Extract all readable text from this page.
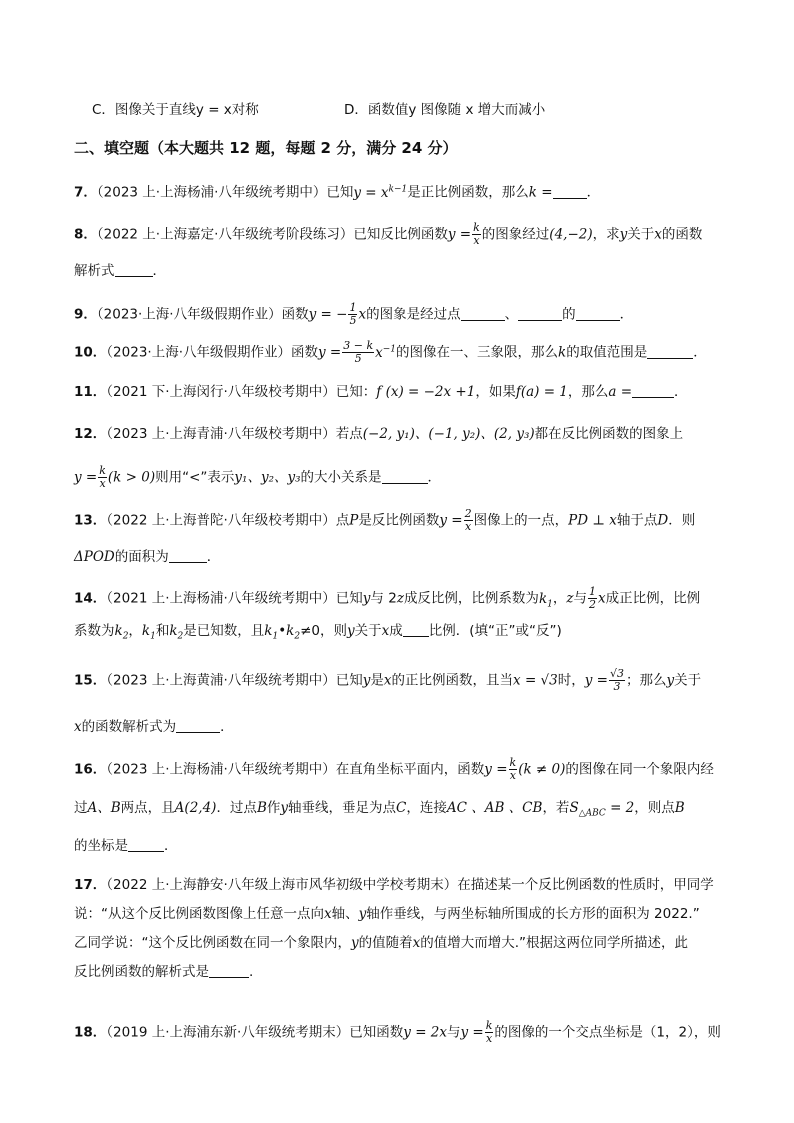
C．图像关于直线y = x对称	D．函数值y 图像随 x 增大而减小
二、填空题（本大题共 12 题，每题 2 分，满分 24 分）
7．（2023 上·上海杨浦·八年级统考期中）已知$y = x^{k-1}$是正比例函数，那么k =	．
8．（2022 上·上海嘉定·八年级统考阶段练习）已知反比例函数$y = \frac{k}{x}$ 的图象经过(4,−2)，求y关于x的函数
解析式	．
9．（2023·上海·八年级假期作业）函数y = − $\frac{1}{5}$ x的图象是经过点	、	的	．
10．（2023·上海·八年级假期作业）函数$y = \frac{3 - k}{5} x^{-1}$的图像在一、三象限，那么k的取值范围是	．
11．（2021 下·上海闵行·八年级校考期中）已知：f (x) = −2x +1，如果f(a) = 1，那么a =	．
12．（2023 上·上海青浦·八年级校考期中）若点(−2, y₁)、(−1, y₂)、(2, y₃)都在反比例函数的图象上
$y = \frac{k}{x} (k > 0)$则用“<”表示y₁、y₂、y₃的大小关系是	．
13．（2022 上·上海普陀·八年级校考期中）点P是反比例函数$y = \frac{2}{x}$ 图像上的一点，PD ⊥ x轴于点D．则
ΔPOD的面积为	．
14．（2021 上·上海杨浦·八年级统考期中）已知y与 2z成反比例，比例系数为$k_1$，z与 $\frac{1}{2}$ x成正比例，比例
系数为$k_2$，$k_1$和$k_2$是已知数，且$k_1•k_2\ne 0$，则y关于x成 比例．(填“正”或“反”)
15．（2023 上·上海黄浦·八年级统考期中）已知y是x的正比例函数，且当x = √3时，$y = \frac{√3}{3}$ ；那么y关于
x的函数解析式为	．
16．（2023 上·上海杨浦·八年级统考期中）在直角坐标平面内，函数$y = \frac{k}{x} (k \ne 0)$的图像在同一个象限内经
过A、B两点，且A(2,4)．过点B作y轴垂线，垂足为点C，连接AC 、AB 、CB，若$S_{\triangle ABC} = 2$，则点B
的坐标是	．
17．（2022 上·上海静安·八年级上海市风华初级中学校考期末）在描述某一个反比例函数的性质时，甲同学
说：“从这个反比例函数图像上任意一点向x轴、y轴作垂线，与两坐标轴所围成的长方形的面积为 2022.”
乙同学说：“这个反比例函数在同一个象限内，y的值随着x的值增大而增大.”根据这两位同学所描述，此
反比例函数的解析式是	.
18．（2019 上·上海浦东新·八年级统考期末）已知函数y = 2x与$y = \frac{k}{x}$ 的图像的一个交点坐标是（1，2），则
